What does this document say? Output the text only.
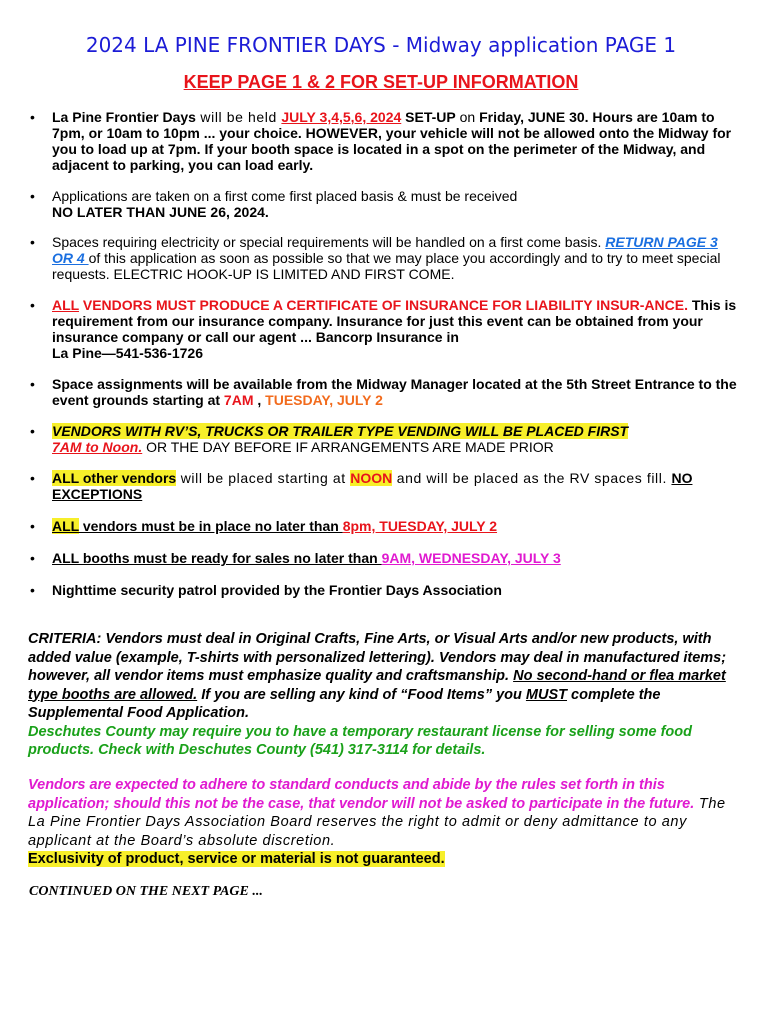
2024 LA PINE FRONTIER DAYS - Midway application PAGE 1
KEEP PAGE 1 & 2 FOR SET-UP INFORMATION
•	La Pine Frontier Days will be held JULY 3,4,5,6, 2024 SET-UP on Friday, JUNE 30. Hours are 10am to 7pm, or 10am to 10pm ... your choice. HOWEVER, your vehicle will not be allowed onto the Midway for you to load up at 7pm. If your booth space is located in a spot on the perimeter of the Midway, and adjacent to parking, you can load early.
•	Applications are taken on a first come first placed basis & must be received
NO LATER THAN JUNE 26, 2024.
•	Spaces requiring electricity or special requirements will be handled on a first come basis. RETURN PAGE 3 OR 4 of this application as soon as possible so that we may place you accordingly and to try to meet special requests. ELECTRIC HOOK-UP IS LIMITED AND FIRST COME.
•	ALL VENDORS MUST PRODUCE A CERTIFICATE OF INSURANCE FOR LIABILITY INSUR-ANCE. This is requirement from our insurance company. Insurance for just this event can be obtained from your insurance company or call our agent ... Bancorp Insurance in
La Pine—541-536-1726
•	Space assignments will be available from the Midway Manager located at the 5th Street Entrance to the event grounds starting at 7AM , TUESDAY, JULY 2
•	VENDORS WITH RV’S, TRUCKS OR TRAILER TYPE VENDING WILL BE PLACED FIRST
7AM to Noon. OR THE DAY BEFORE IF ARRANGEMENTS ARE MADE PRIOR
•	ALL other vendors will be placed starting at NOON and will be placed as the RV spaces fill. NO EXCEPTIONS
•	ALL vendors must be in place no later than 8pm, TUESDAY, JULY 2
•	ALL booths must be ready for sales no later than 9AM, WEDNESDAY, JULY 3
•	Nighttime security patrol provided by the Frontier Days Association
CRITERIA: Vendors must deal in Original Crafts, Fine Arts, or Visual Arts and/or new products, with added value (example, T-shirts with personalized lettering). Vendors may deal in manufactured items; however, all vendor items must emphasize quality and craftsmanship. No second-hand or flea market type booths are allowed. If you are selling any kind of “Food Items” you MUST complete the Supplemental Food Application.
Deschutes County may require you to have a temporary restaurant license for selling some food products. Check with Deschutes County (541) 317-3114 for details.
Vendors are expected to adhere to standard conducts and abide by the rules set forth in this application; should this not be the case, that vendor will not be asked to participate in the future. The La Pine Frontier Days Association Board reserves the right to admit or deny admittance to any applicant at the Board’s absolute discretion.
Exclusivity of product, service or material is not guaranteed.
CONTINUED ON THE NEXT PAGE ...
